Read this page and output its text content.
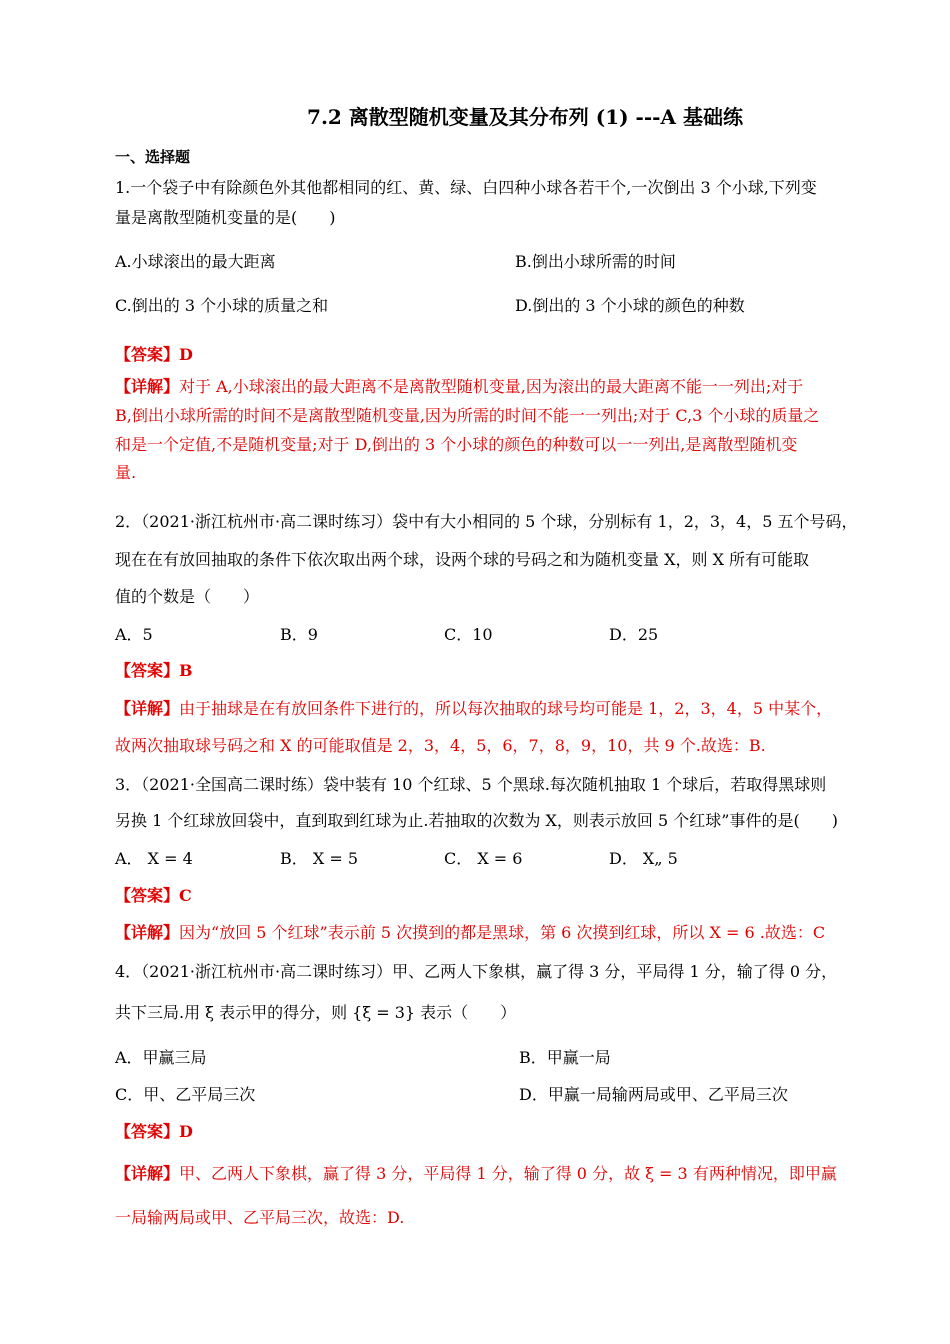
7.2 离散型随机变量及其分布列 (1) ---A 基础练
一、选择题
1.一个袋子中有除颜色外其他都相同的红、黄、绿、白四种小球各若干个,一次倒出 3 个小球,下列变
量是离散型随机变量的是(　　)
A.小球滚出的最大距离	B.倒出小球所需的时间
C.倒出的 3 个小球的质量之和	D.倒出的 3 个小球的颜色的种数
【答案】D
【详解】对于 A,小球滚出的最大距离不是离散型随机变量,因为滚出的最大距离不能一一列出;对于
B,倒出小球所需的时间不是离散型随机变量,因为所需的时间不能一一列出;对于 C,3 个小球的质量之
和是一个定值,不是随机变量;对于 D,倒出的 3 个小球的颜色的种数可以一一列出,是离散型随机变
量.
2．（2021·浙江杭州市·高二课时练习）袋中有大小相同的 5 个球，分别标有 1，2，3，4，5 五个号码，
现在在有放回抽取的条件下依次取出两个球，设两个球的号码之和为随机变量 X，则 X 所有可能取
值的个数是（　　）
A．5	B．9	C．10	D．25
【答案】B
【详解】由于抽球是在有放回条件下进行的，所以每次抽取的球号均可能是 1，2，3，4，5 中某个，
故两次抽取球号码之和 X 的可能取值是 2，3，4，5，6，7，8，9，10，共 9 个.故选：B.
3．（2021·全国高二课时练）袋中装有 10 个红球、5 个黑球.每次随机抽取 1 个球后，若取得黑球则
另换 1 个红球放回袋中，直到取到红球为止.若抽取的次数为 X，则表示放回 5 个红球”事件的是(　　)
A． X = 4	B． X = 5	C． X = 6	D． X„ 5
【答案】C
【详解】因为“放回 5 个红球”表示前 5 次摸到的都是黑球，第 6 次摸到红球，所以 X = 6 .故选：C
4．（2021·浙江杭州市·高二课时练习）甲、乙两人下象棋，赢了得 3 分，平局得 1 分，输了得 0 分，
共下三局.用 ξ 表示甲的得分，则 {ξ = 3} 表示（　　）
A．甲赢三局	B．甲赢一局
C．甲、乙平局三次	D．甲赢一局输两局或甲、乙平局三次
【答案】D
【详解】甲、乙两人下象棋，赢了得 3 分，平局得 1 分，输了得 0 分，故 ξ = 3 有两种情况，即甲赢
一局输两局或甲、乙平局三次，故选：D.
